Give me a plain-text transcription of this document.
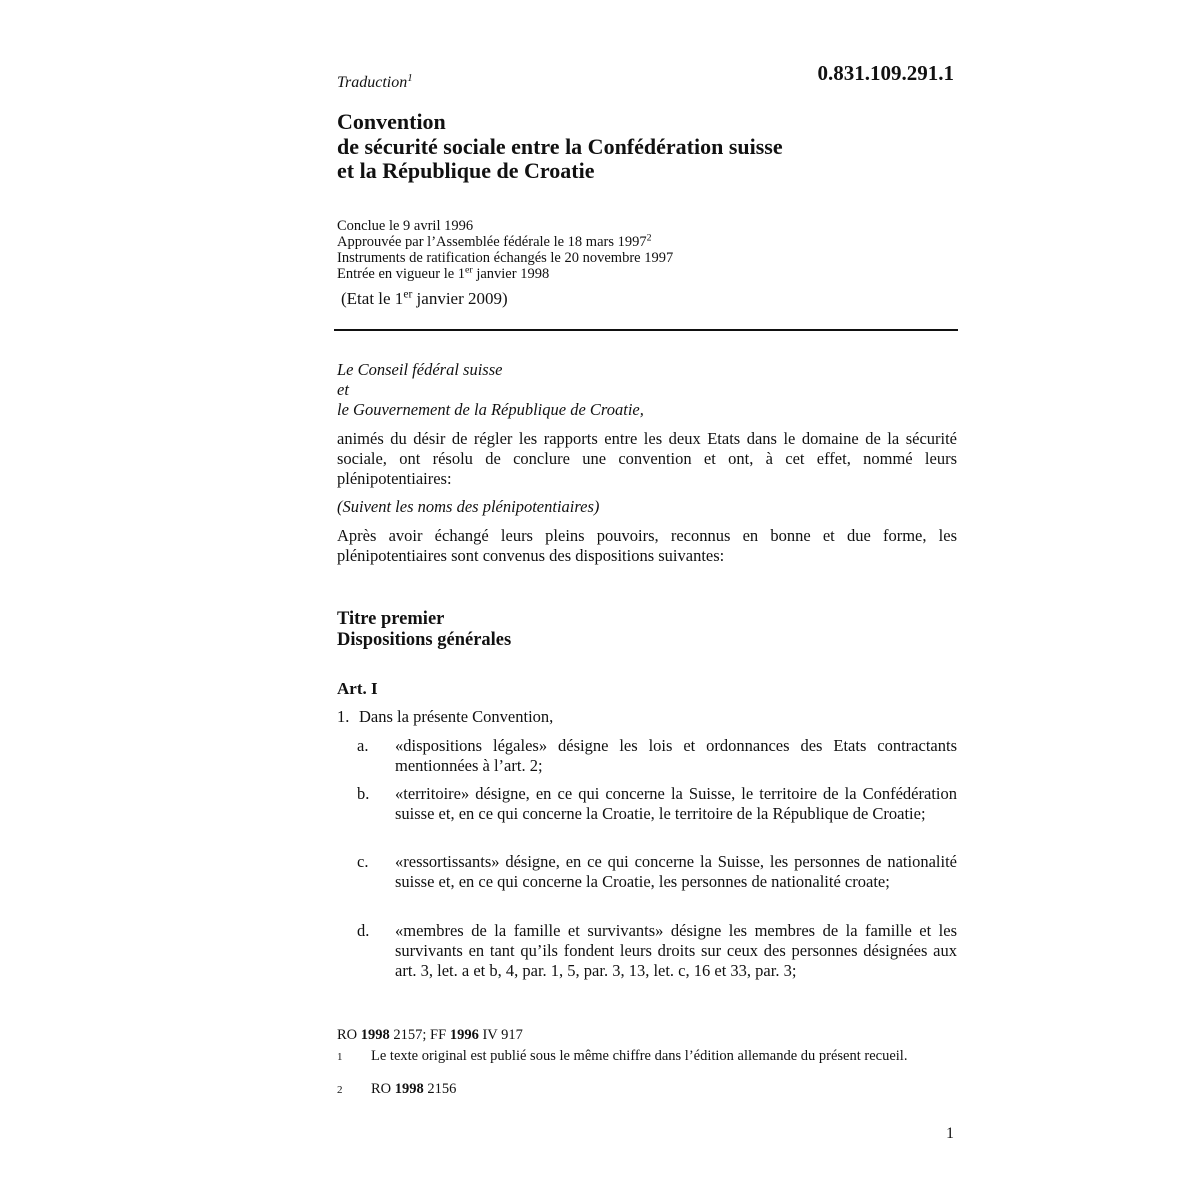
Traduction$^1$	0.831.109.291.1
Convention
de sécurité sociale entre la Confédération suisse
et la République de Croatie
Conclue le 9 avril 1996
Approuvée par l’Assemblée fédérale le 18 mars 1997$^2$
Instruments de ratification échangés le 20 novembre 1997
Entrée en vigueur le 1er janvier 1998
(Etat le 1er janvier 2009)
Le Conseil fédéral suisse
et
le Gouvernement de la République de Croatie,
animés du désir de régler les rapports entre les deux Etats dans le domaine de la sécurité sociale, ont résolu de conclure une convention et ont, à cet effet, nommé leurs plénipotentiaires:
(Suivent les noms des plénipotentiaires)
Après avoir échangé leurs pleins pouvoirs, reconnus en bonne et due forme, les plénipotentiaires sont convenus des dispositions suivantes:
Titre premier
Dispositions générales
Art. I
1. Dans la présente Convention,
a.	«dispositions légales» désigne les lois et ordonnances des Etats contractants mentionnées à l’art. 2;
b.	«territoire» désigne, en ce qui concerne la Suisse, le territoire de la Confédération suisse et, en ce qui concerne la Croatie, le territoire de la République de Croatie;
c.	«ressortissants» désigne, en ce qui concerne la Suisse, les personnes de nationalité suisse et, en ce qui concerne la Croatie, les personnes de nationalité croate;
d.	«membres de la famille et survivants» désigne les membres de la famille et les survivants en tant qu’ils fondent leurs droits sur ceux des personnes désignées aux art. 3, let. a et b, 4, par. 1, 5, par. 3, 13, let. c, 16 et 33, par. 3;
RO 1998 2157; FF 1996 IV 917
1	Le texte original est publié sous le même chiffre dans l’édition allemande du présent recueil.
2	RO 1998 2156
1
